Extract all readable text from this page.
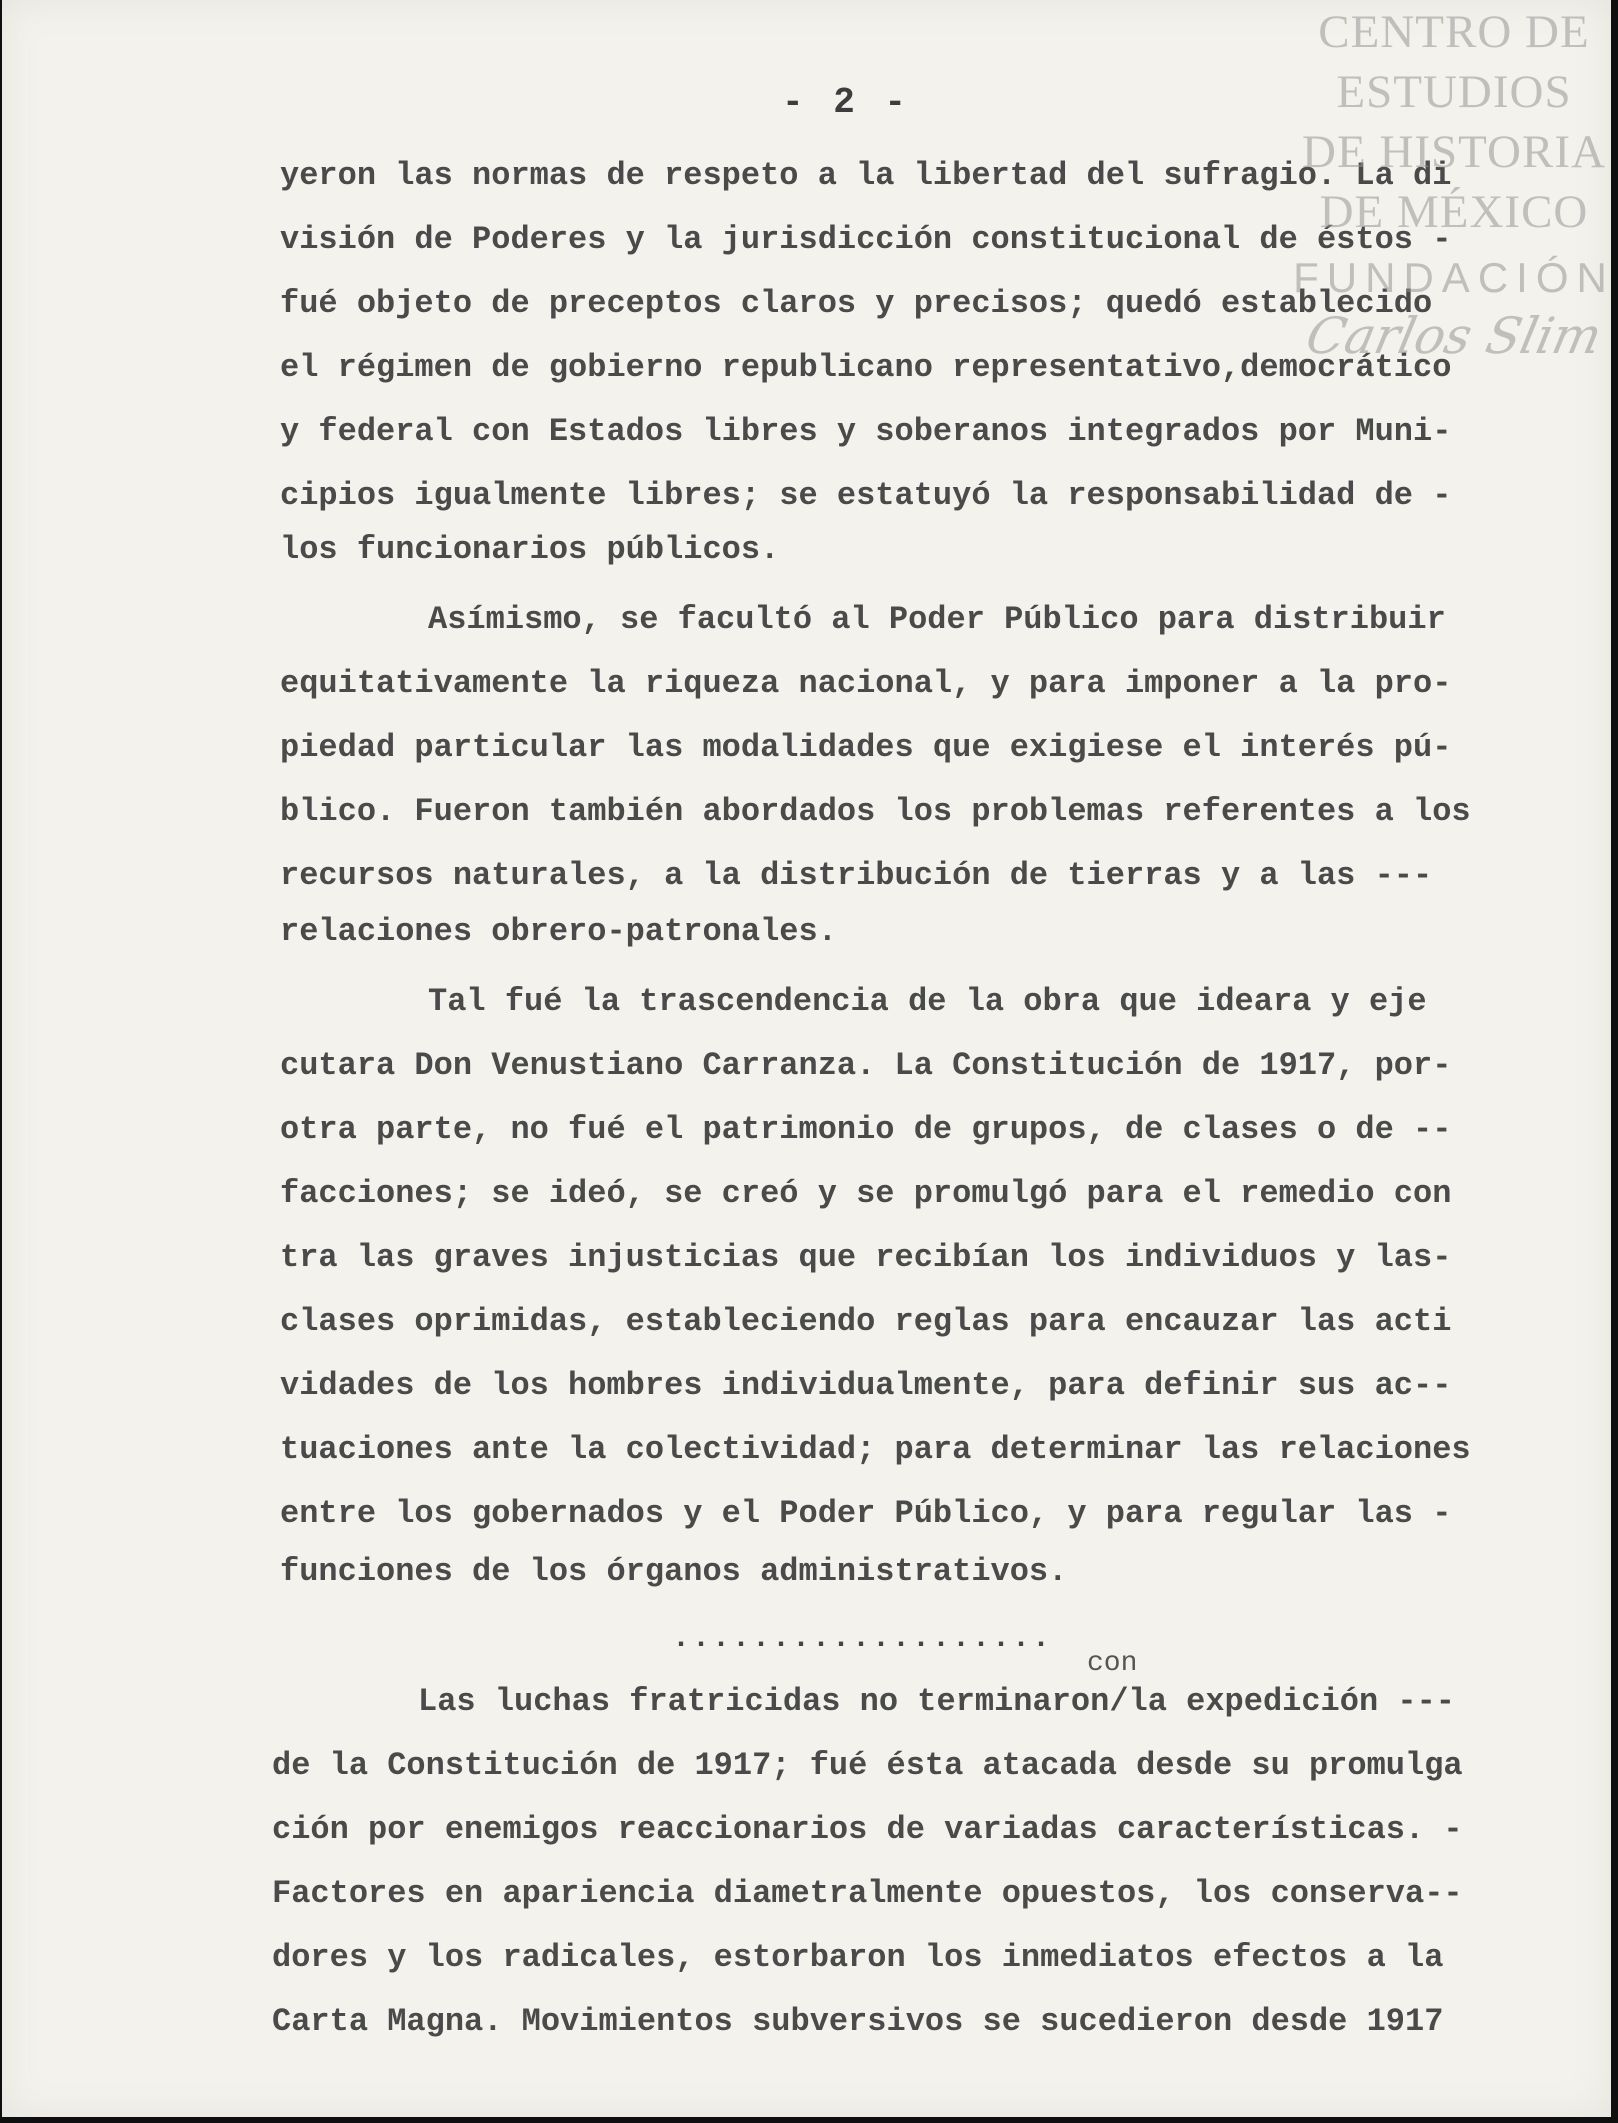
CENTRO DE
ESTUDIOS
DE HISTORIA
DE MÉXICO
FUNDACIÓN
Carlos Slim
- 2 -
yeron las normas de respeto a la libertad del sufragio. La di
visión de Poderes y la jurisdicción constitucional de éstos -
fué objeto de preceptos claros y precisos; quedó establecido
el régimen de gobierno republicano representativo,democrático
y federal con Estados libres y soberanos integrados por Muni-
cipios igualmente libres; se estatuyó la responsabilidad de -
los funcionarios públicos.
Asímismo, se facultó al Poder Público para distribuir
equitativamente la riqueza nacional, y para imponer a la pro-
piedad particular las modalidades que exigiese el interés pú-
blico. Fueron también abordados los problemas referentes a los
recursos naturales, a la distribución de tierras y a las ---
relaciones obrero-patronales.
Tal fué la trascendencia de la obra que ideara y eje
cutara Don Venustiano Carranza. La Constitución de 1917, por-
otra parte, no fué el patrimonio de grupos, de clases o de --
facciones; se ideó, se creó y se promulgó para el remedio con
tra las graves injusticias que recibían los individuos y las-
clases oprimidas, estableciendo reglas para encauzar las acti
vidades de los hombres individualmente, para definir sus ac--
tuaciones ante la colectividad; para determinar las relaciones
entre los gobernados y el Poder Público, y para regular las -
funciones de los órganos administrativos.
...................
con
Las luchas fratricidas no terminaron/la expedición ---
de la Constitución de 1917; fué ésta atacada desde su promulga
ción por enemigos reaccionarios de variadas características. -
Factores en apariencia diametralmente opuestos, los conserva--
dores y los radicales, estorbaron los inmediatos efectos a la
Carta Magna. Movimientos subversivos se sucedieron desde 1917
